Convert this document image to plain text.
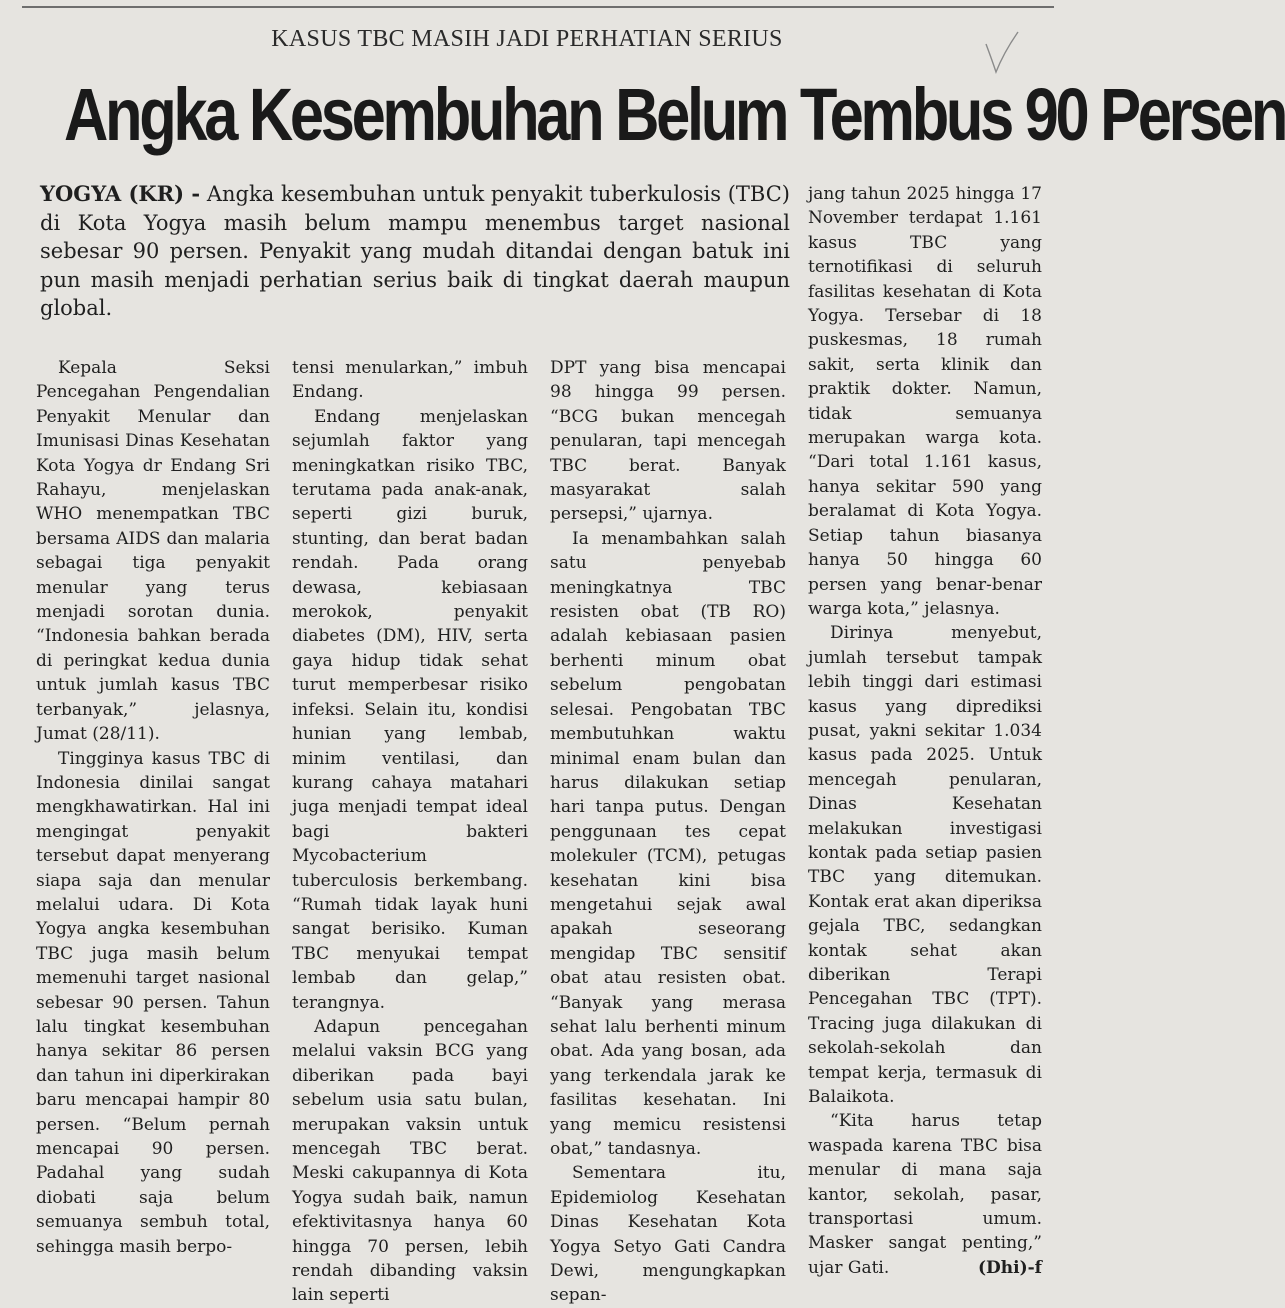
KASUS TBC MASIH JADI PERHATIAN SERIUS
Angka Kesembuhan Belum Tembus 90 Persen
YOGYA (KR) - Angka kesembuhan untuk penyakit tuberkulosis (TBC) di Kota Yogya masih belum mampu menembus target nasional sebesar 90 persen. Penyakit yang mudah ditandai dengan batuk ini pun masih menjadi perhatian serius baik di tingkat daerah maupun global.

Kepala Seksi Pencegahan Pengendalian Penyakit Menular dan Imunisasi Dinas Kesehatan Kota Yogya dr Endang Sri Rahayu, menjelaskan WHO menempatkan TBC bersama AIDS dan malaria sebagai tiga penyakit menular yang terus menjadi sorotan dunia. “Indonesia bahkan berada di peringkat kedua dunia untuk jumlah kasus TBC terbanyak,” jelasnya, Jumat (28/11).

Tingginya kasus TBC di Indonesia dinilai sangat mengkhawatirkan. Hal ini mengingat penyakit tersebut dapat menyerang siapa saja dan menular melalui udara. Di Kota Yogya angka kesembuhan TBC juga masih belum memenuhi target nasional sebesar 90 persen. Tahun lalu tingkat kesembuhan hanya sekitar 86 persen dan tahun ini diperkirakan baru mencapai hampir 80 persen. “Belum pernah mencapai 90 persen. Padahal yang sudah diobati saja belum semuanya sembuh total, sehingga masih berpo-

tensi menularkan,” imbuh Endang.

Endang menjelaskan sejumlah faktor yang meningkatkan risiko TBC, terutama pada anak-anak, seperti gizi buruk, stunting, dan berat badan rendah. Pada orang dewasa, kebiasaan merokok, penyakit diabetes (DM), HIV, serta gaya hidup tidak sehat turut memperbesar risiko infeksi. Selain itu, kondisi hunian yang lembab, minim ventilasi, dan kurang cahaya matahari juga menjadi tempat ideal bagi bakteri Mycobacterium tuberculosis berkembang. “Rumah tidak layak huni sangat berisiko. Kuman TBC menyukai tempat lembab dan gelap,” terangnya.

Adapun pencegahan melalui vaksin BCG yang diberikan pada bayi sebelum usia satu bulan, merupakan vaksin untuk mencegah TBC berat. Meski cakupannya di Kota Yogya sudah baik, namun efektivitasnya hanya 60 hingga 70 persen, lebih rendah dibanding vaksin lain seperti

DPT yang bisa mencapai 98 hingga 99 persen. “BCG bukan mencegah penularan, tapi mencegah TBC berat. Banyak masyarakat salah persepsi,” ujarnya.

Ia menambahkan salah satu penyebab meningkatnya TBC resisten obat (TB RO) adalah kebiasaan pasien berhenti minum obat sebelum pengobatan selesai. Pengobatan TBC membutuhkan waktu minimal enam bulan dan harus dilakukan setiap hari tanpa putus. Dengan penggunaan tes cepat molekuler (TCM), petugas kesehatan kini bisa mengetahui sejak awal apakah seseorang mengidap TBC sensitif obat atau resisten obat. “Banyak yang merasa sehat lalu berhenti minum obat. Ada yang bosan, ada yang terkendala jarak ke fasilitas kesehatan. Ini yang memicu resistensi obat,” tandasnya.

Sementara itu, Epidemiolog Kesehatan Dinas Kesehatan Kota Yogya Setyo Gati Candra Dewi, mengungkapkan sepan-

jang tahun 2025 hingga 17 November terdapat 1.161 kasus TBC yang ternotifikasi di seluruh fasilitas kesehatan di Kota Yogya. Tersebar di 18 puskesmas, 18 rumah sakit, serta klinik dan praktik dokter. Namun, tidak semuanya merupakan warga kota. “Dari total 1.161 kasus, hanya sekitar 590 yang beralamat di Kota Yogya. Setiap tahun biasanya hanya 50 hingga 60 persen yang benar-benar warga kota,” jelasnya.

Dirinya menyebut, jumlah tersebut tampak lebih tinggi dari estimasi kasus yang diprediksi pusat, yakni sekitar 1.034 kasus pada 2025. Untuk mencegah penularan, Dinas Kesehatan melakukan investigasi kontak pada setiap pasien TBC yang ditemukan. Kontak erat akan diperiksa gejala TBC, sedangkan kontak sehat akan diberikan Terapi Pencegahan TBC (TPT). Tracing juga dilakukan di sekolah-sekolah dan tempat kerja, termasuk di Balaikota.

“Kita harus tetap waspada karena TBC bisa menular di mana saja kantor, sekolah, pasar, transportasi umum. Masker sangat penting,” ujar Gati.	(Dhi)-f
